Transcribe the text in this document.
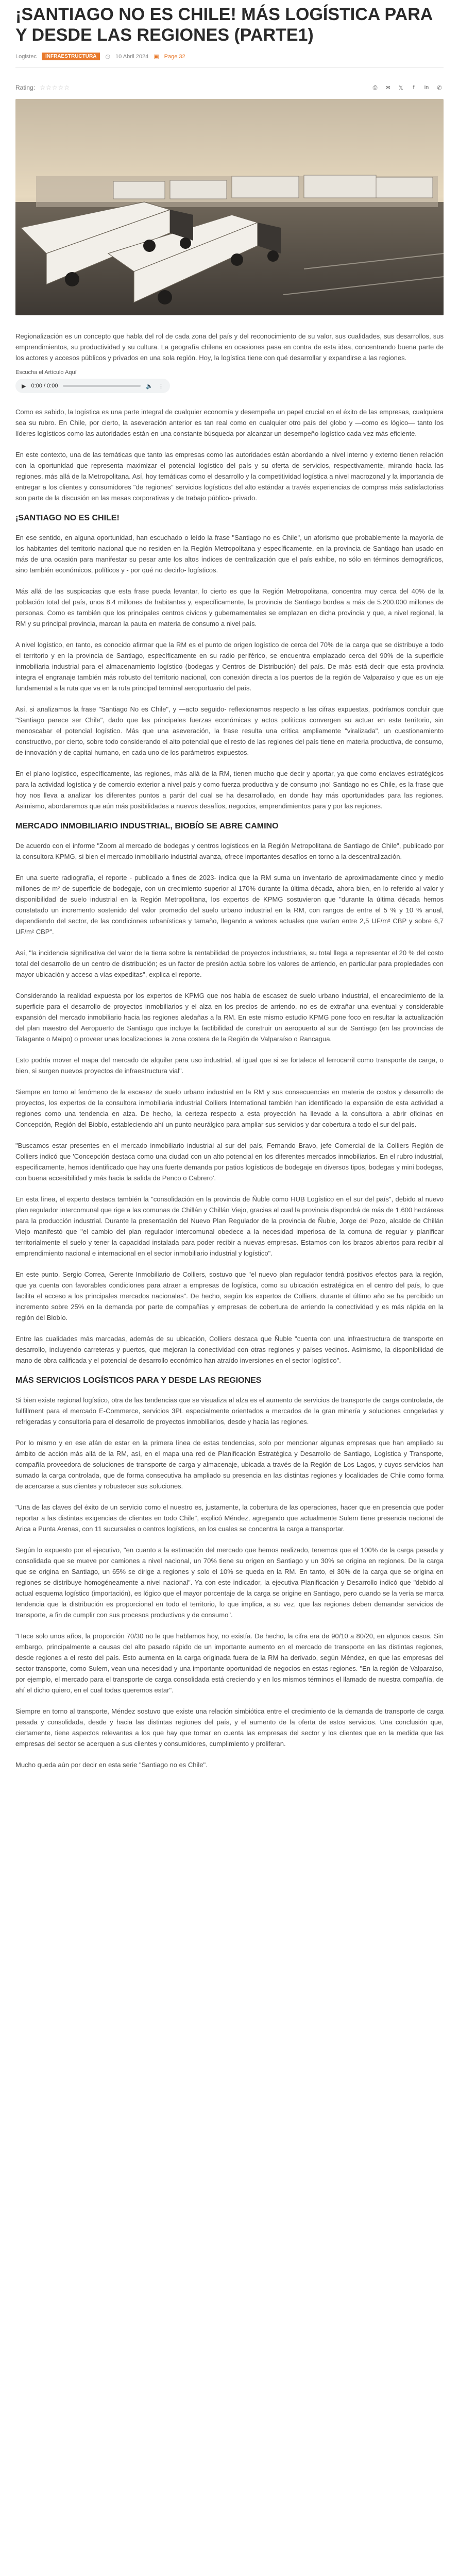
¡SANTIAGO NO ES CHILE! MÁS LOGÍSTICA PARA Y DESDE LAS REGIONES (PARTE1)
Logistec	INFRAESTRUCTURA	◷ 10 Abril 2024 ▣ Page 32
Rating: ☆☆☆☆☆	⎙	✉	𝕏	f	in	✆

Regionalización es un concepto que habla del rol de cada zona del país y del reconocimiento de su valor, sus cualidades, sus desarrollos, sus emprendimientos, su productividad y su cultura. La geografía chilena en ocasiones pasa en contra de esta idea, concentrando buena parte de los actores y accesos públicos y privados en una sola región. Hoy, la logística tiene con qué desarrollar y expandirse a las regiones.

Escucha el Artículo Aquí
▶ 0:00 / 0:00	🔈 ⋮

Como es sabido, la logística es una parte integral de cualquier economía y desempeña un papel crucial en el éxito de las empresas, cualquiera sea su rubro. En Chile, por cierto, la aseveración anterior es tan real como en cualquier otro país del globo y —como es lógico— tanto los líderes logísticos como las autoridades están en una constante búsqueda por alcanzar un desempeño logístico cada vez más eficiente.

En este contexto, una de las temáticas que tanto las empresas como las autoridades están abordando a nivel interno y externo tienen relación con la oportunidad que representa maximizar el potencial logístico del país y su oferta de servicios, respectivamente, mirando hacia las regiones, más allá de la Metropolitana. Así, hoy temáticas como el desarrollo y la competitividad logística a nivel macrozonal y la importancia de entregar a los clientes y consumidores "de regiones" servicios logísticos del alto estándar a través experiencias de compras más satisfactorias son parte de la discusión en las mesas corporativas y de trabajo público- privado.

¡SANTIAGO NO ES CHILE!

En ese sentido, en alguna oportunidad, han escuchado o leído la frase "Santiago no es Chile", un aforismo que probablemente la mayoría de los habitantes del territorio nacional que no residen en la Región Metropolitana y específicamente, en la provincia de Santiago han usado en más de una ocasión para manifestar su pesar ante los altos índices de centralización que el país exhibe, no sólo en términos demográficos, sino también económicos, políticos y - por qué no decirlo- logísticos.

Más allá de las suspicacias que esta frase pueda levantar, lo cierto es que la Región Metropolitana, concentra muy cerca del 40% de la población total del país, unos 8.4 millones de habitantes y, específicamente, la provincia de Santiago bordea a más de 5.200.000 millones de personas. Como es también que los principales centros cívicos y gubernamentales se emplazan en dicha provincia y que, a nivel regional, la RM y su principal provincia, marcan la pauta en materia de consumo a nivel país.

A nivel logístico, en tanto, es conocido afirmar que la RM es el punto de origen logístico de cerca del 70% de la carga que se distribuye a todo el territorio y en la provincia de Santiago, específicamente en su radio periférico, se encuentra emplazado cerca del 90% de la superficie inmobiliaria industrial para el almacenamiento logístico (bodegas y Centros de Distribución) del país. De más está decir que esta provincia integra el engranaje también más robusto del territorio nacional, con conexión directa a los puertos de la región de Valparaíso y que es un eje fundamental a la ruta que va en la ruta principal terminal aeroportuario del país.

Así, si analizamos la frase "Santiago No es Chile", y —acto seguido- reflexionamos respecto a las cifras expuestas, podríamos concluir que "Santiago parece ser Chile", dado que las principales fuerzas económicas y actos políticos convergen su actuar en este territorio, sin menoscabar el potencial logístico. Más que una aseveración, la frase resulta una crítica ampliamente "viralizada", un cuestionamiento constructivo, por cierto, sobre todo considerando el alto potencial que el resto de las regiones del país tiene en materia productiva, de consumo, de innovación y de capital humano, en cada uno de los parámetros expuestos.

En el plano logístico, específicamente, las regiones, más allá de la RM, tienen mucho que decir y aportar, ya que como enclaves estratégicos para la actividad logística y de comercio exterior a nivel país y como fuerza productiva y de consumo ¡no! Santiago no es Chile, es la frase que hoy nos lleva a analizar los diferentes puntos a partir del cual se ha desarrollado, en donde hay más oportunidades para las regiones. Asimismo, abordaremos que aún más posibilidades a nuevos desafíos, negocios, emprendimientos para y por las regiones.

MERCADO INMOBILIARIO INDUSTRIAL, BIOBÍO SE ABRE CAMINO

De acuerdo con el informe "Zoom al mercado de bodegas y centros logísticos en la Región Metropolitana de Santiago de Chile", publicado por la consultora KPMG, si bien el mercado inmobiliario industrial avanza, ofrece importantes desafíos en torno a la descentralización.

En una suerte radiografía, el reporte - publicado a fines de 2023- indica que la RM suma un inventario de aproximadamente cinco y medio millones de m² de superficie de bodegaje, con un crecimiento superior al 170% durante la última década, ahora bien, en lo referido al valor y disponibilidad de suelo industrial en la Región Metropolitana, los expertos de KPMG sostuvieron que "durante la última década hemos constatado un incremento sostenido del valor promedio del suelo urbano industrial en la RM, con rangos de entre el 5 % y 10 % anual, dependiendo del sector, de las condiciones urbanísticas y tamaño, llegando a valores actuales que varían entre 2,5 UF/m² CBP y sobre 6,7 UF/m² CBP".

Así, "la incidencia significativa del valor de la tierra sobre la rentabilidad de proyectos industriales, su total llega a representar el 20 % del costo total del desarrollo de un centro de distribución; es un factor de presión actúa sobre los valores de arriendo, en particular para propiedades con mayor ubicación y acceso a vías expeditas", explica el reporte.

Considerando la realidad expuesta por los expertos de KPMG que nos habla de escasez de suelo urbano industrial, el encarecimiento de la superficie para el desarrollo de proyectos inmobiliarios y el alza en los precios de arriendo, no es de extrañar una eventual y considerable expansión del mercado inmobiliario hacia las regiones aledañas a la RM. En este mismo estudio KPMG pone foco en resultar la actualización del plan maestro del Aeropuerto de Santiago que incluye la factibilidad de construir un aeropuerto al sur de Santiago (en las provincias de Talagante o Maipo) o proveer unas localizaciones la zona costera de la Región de Valparaíso o Rancagua.

Esto podría mover el mapa del mercado de alquiler para uso industrial, al igual que si se fortalece el ferrocarril como transporte de carga, o bien, si surgen nuevos proyectos de infraestructura vial".

Siempre en torno al fenómeno de la escasez de suelo urbano industrial en la RM y sus consecuencias en materia de costos y desarrollo de proyectos, los expertos de la consultora inmobiliaria industrial Colliers International también han identificado la expansión de esta actividad a regiones como una tendencia en alza. De hecho, la certeza respecto a esta proyección ha llevado a la consultora a abrir oficinas en Concepción, Región del Biobío, estableciendo ahí un punto neurálgico para ampliar sus servicios y dar cobertura a todo el sur del país.

"Buscamos estar presentes en el mercado inmobiliario industrial al sur del país, Fernando Bravo, jefe Comercial de la Colliers Región de Colliers indicó que 'Concepción destaca como una ciudad con un alto potencial en los diferentes mercados inmobiliarios. En el rubro industrial, específicamente, hemos identificado que hay una fuerte demanda por patios logísticos de bodegaje en diversos tipos, bodegas y mini bodegas, con buena accesibilidad y más hacia la salida de Penco o Cabrero'.

En esta línea, el experto destaca también la "consolidación en la provincia de Ñuble como HUB Logístico en el sur del país", debido al nuevo plan regulador intercomunal que rige a las comunas de Chillán y Chillán Viejo, gracias al cual la provincia dispondrá de más de 1.600 hectáreas para la producción industrial. Durante la presentación del Nuevo Plan Regulador de la provincia de Ñuble, Jorge del Pozo, alcalde de Chillán Viejo manifestó que "el cambio del plan regulador intercomunal obedece a la necesidad imperiosa de la comuna de regular y planificar territorialmente el suelo y tener la capacidad instalada para poder recibir a nuevas empresas. Estamos con los brazos abiertos para recibir al emprendimiento nacional e internacional en el sector inmobiliario industrial y logístico".

En este punto, Sergio Correa, Gerente Inmobiliario de Colliers, sostuvo que "el nuevo plan regulador tendrá positivos efectos para la región, que ya cuenta con favorables condiciones para atraer a empresas de logística, como su ubicación estratégica en el centro del país, lo que facilita el acceso a los principales mercados nacionales". De hecho, según los expertos de Colliers, durante el último año se ha percibido un incremento sobre 25% en la demanda por parte de compañías y empresas de cobertura de arriendo la conectividad y es más rápida en la región del Biobío.

Entre las cualidades más marcadas, además de su ubicación, Colliers destaca que Ñuble "cuenta con una infraestructura de transporte en desarrollo, incluyendo carreteras y puertos, que mejoran la conectividad con otras regiones y países vecinos. Asimismo, la disponibilidad de mano de obra calificada y el potencial de desarrollo económico han atraído inversiones en el sector logístico".

MÁS SERVICIOS LOGÍSTICOS PARA Y DESDE LAS REGIONES

Si bien existe regional logístico, otra de las tendencias que se visualiza al alza es el aumento de servicios de transporte de carga controlada, de fulfillment para el mercado E-Commerce, servicios 3PL especialmente orientados a mercados de la gran minería y soluciones congeladas y refrigeradas y consultoría para el desarrollo de proyectos inmobiliarios, desde y hacia las regiones.

Por lo mismo y en ese afán de estar en la primera línea de estas tendencias, solo por mencionar algunas empresas que han ampliado su ámbito de acción más allá de la RM, así, en el mapa una red de Planificación Estratégica y Desarrollo de Santiago, Logística y Transporte, compañía proveedora de soluciones de transporte de carga y almacenaje, ubicada a través de la Región de Los Lagos, y cuyos servicios han sumado la carga controlada, que de forma consecutiva ha ampliado su presencia en las distintas regiones y localidades de Chile como forma de acercarse a sus clientes y robustecer sus soluciones.

"Una de las claves del éxito de un servicio como el nuestro es, justamente, la cobertura de las operaciones, hacer que en presencia que poder reportar a las distintas exigencias de clientes en todo Chile", explicó Méndez, agregando que actualmente Sulem tiene presencia nacional de Arica a Punta Arenas, con 11 sucursales o centros logísticos, en los cuales se concentra la carga a transportar.

Según lo expuesto por el ejecutivo, "en cuanto a la estimación del mercado que hemos realizado, tenemos que el 100% de la carga pesada y consolidada que se mueve por camiones a nivel nacional, un 70% tiene su origen en Santiago y un 30% se origina en regiones. De la carga que se origina en Santiago, un 65% se dirige a regiones y solo el 10% se queda en la RM. En tanto, el 30% de la carga que se origina en regiones se distribuye homogéneamente a nivel nacional". Ya con este indicador, la ejecutiva Planificación y Desarrollo indicó que "debido al actual esquema logístico (importación), es lógico que el mayor porcentaje de la carga se origine en Santiago, pero cuando se la vería se marca tendencia que la distribución es proporcional en todo el territorio, lo que implica, a su vez, que las regiones deben demandar servicios de transporte, a fin de cumplir con sus procesos productivos y de consumo".

"Hace solo unos años, la proporción 70/30 no le que hablamos hoy, no existía. De hecho, la cifra era de 90/10 a 80/20, en algunos casos. Sin embargo, principalmente a causas del alto pasado rápido de un importante aumento en el mercado de transporte en las distintas regiones, desde regiones a el resto del país. Esto aumenta en la carga originada fuera de la RM ha derivado, según Méndez, en que las empresas del sector transporte, como Sulem, vean una necesidad y una importante oportunidad de negocios en estas regiones. "En la región de Valparaíso, por ejemplo, el mercado para el transporte de carga consolidada está creciendo y en los mismos términos el llamado de nuestra compañía, de ahí el dicho quiero, en el cual todas queremos estar".

Siempre en torno al transporte, Méndez sostuvo que existe una relación simbiótica entre el crecimiento de la demanda de transporte de carga pesada y consolidada, desde y hacia las distintas regiones del país, y el aumento de la oferta de estos servicios. Una conclusión que, ciertamente, tiene aspectos relevantes a los que hay que tomar en cuenta las empresas del sector y los clientes que en la medida que las empresas del sector se acerquen a sus clientes y consumidores, cumplimiento y proliferan.

Mucho queda aún por decir en esta serie "Santiago no es Chile".
